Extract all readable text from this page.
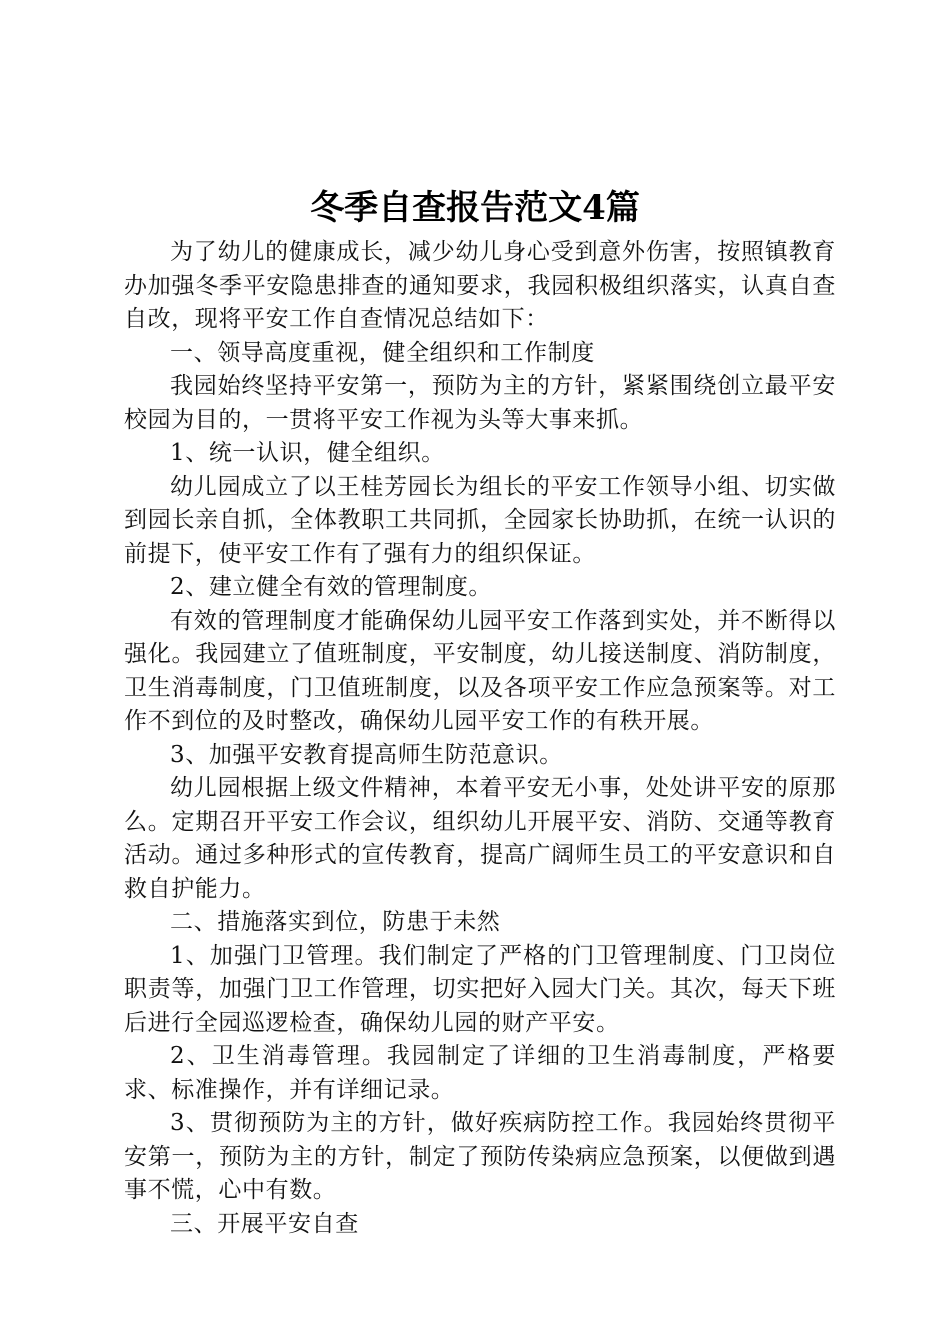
冬季自查报告范文4篇

为了幼儿的健康成长，减少幼儿身心受到意外伤害，按照镇教育办加强冬季平安隐患排查的通知要求，我园积极组织落实，认真自查自改，现将平安工作自查情况总结如下：

一、领导高度重视，健全组织和工作制度

我园始终坚持平安第一，预防为主的方针，紧紧围绕创立最平安校园为目的，一贯将平安工作视为头等大事来抓。

1、统一认识，健全组织。

幼儿园成立了以王桂芳园长为组长的平安工作领导小组、切实做到园长亲自抓，全体教职工共同抓，全园家长协助抓，在统一认识的前提下，使平安工作有了强有力的组织保证。

2、建立健全有效的管理制度。

有效的管理制度才能确保幼儿园平安工作落到实处，并不断得以强化。我园建立了值班制度，平安制度，幼儿接送制度、消防制度，卫生消毒制度，门卫值班制度，以及各项平安工作应急预案等。对工作不到位的及时整改，确保幼儿园平安工作的有秩开展。

3、加强平安教育提高师生防范意识。

幼儿园根据上级文件精神，本着平安无小事，处处讲平安的原那么。定期召开平安工作会议，组织幼儿开展平安、消防、交通等教育活动。通过多种形式的宣传教育，提高广阔师生员工的平安意识和自救自护能力。

二、措施落实到位，防患于未然

1、加强门卫管理。我们制定了严格的门卫管理制度、门卫岗位职责等，加强门卫工作管理，切实把好入园大门关。其次，每天下班后进行全园巡逻检查，确保幼儿园的财产平安。

2、卫生消毒管理。我园制定了详细的卫生消毒制度，严格要求、标准操作，并有详细记录。

3、贯彻预防为主的方针，做好疾病防控工作。我园始终贯彻平安第一，预防为主的方针，制定了预防传染病应急预案，以便做到遇事不慌，心中有数。

三、开展平安自查
